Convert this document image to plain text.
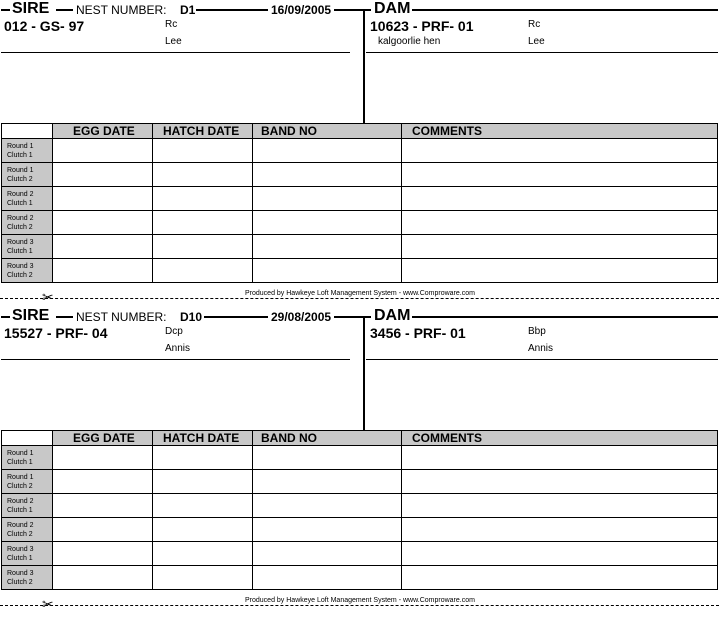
SIRE NEST NUMBER: D1	16/09/2005	DAM
012 - GS- 97	Rc
Lee
10623 - PRF- 01	Rc
kalgoorlie hen	Lee
	EGG DATE	HATCH DATE	BAND NO	COMMENTS
Round 1
Clutch 1				
Round 1
Clutch 2				
Round 2
Clutch 1				
Round 2
Clutch 2				
Round 3
Clutch 1				
Round 3
Clutch 2				
Produced by Hawkeye Loft Management System - www.Comproware.com
✂
SIRE NEST NUMBER: D10	29/08/2005	DAM
15527 - PRF- 04	Dcp
Annis
3456 - PRF- 01	Bbp
Annis
	EGG DATE	HATCH DATE	BAND NO	COMMENTS
Round 1
Clutch 1				
Round 1
Clutch 2				
Round 2
Clutch 1				
Round 2
Clutch 2				
Round 3
Clutch 1				
Round 3
Clutch 2				
Produced by Hawkeye Loft Management System - www.Comproware.com
✂
